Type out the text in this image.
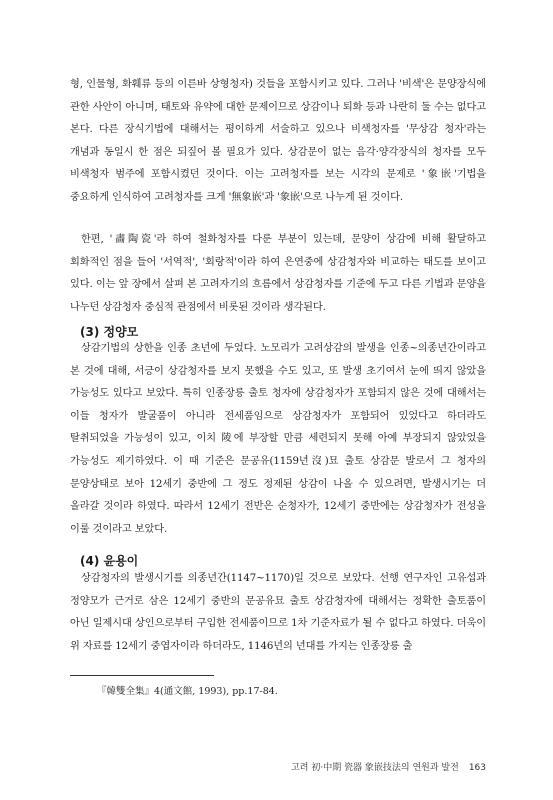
형, 인물형, 화훼류 등의 이른바 상형청자) 것들을 포함시키고 있다. 그러나 '비색'은 문양장식에 관한 사안이 아니며, 태토와 유약에 대한 문제이므로 상감이나 퇴화 등과 나란히 둘 수는 없다고 본다. 다른 장식기법에 대해서는 평이하게 서술하고 있으나 비색청자를 '무상감 청자'라는 개념과 동일시 한 점은 되짚어 볼 필요가 있다. 상감문이 없는 음각·양각장식의 청자를 모두 비색청자 범주에 포함시켰던 것이다. 이는 고려청자를 보는 시각의 문제로 '象嵌'기법을 중요하게 인식하여 고려청자를 크게 '無象嵌'과 '象嵌'으로 나누게 된 것이다.

한편, '畵陶瓷'라 하여 철화청자를 다룬 부분이 있는데, 문양이 상감에 비해 활달하고 회화적인 점을 들어 '서역적', '회랑적'이라 하여 은연중에 상감청자와 비교하는 태도를 보이고 있다. 이는 앞 장에서 살펴 본 고려자기의 흐름에서 상감청자를 기준에 두고 다른 기법과 문양을 나누던 상감청자 중심적 관점에서 비롯된 것이라 생각된다.

(3) 정양모

상감기법의 상한을 인종 초년에 두었다. 노모리가 고려상감의 발생을 인종~의종년간이라고 본 것에 대해, 서긍이 상감청자를 보지 못했을 수도 있고, 또 발생 초기여서 눈에 띄지 않았을 가능성도 있다고 보았다. 특히 인종장릉 출토 청자에 상감청자가 포함되지 않은 것에 대해서는 이들 청자가 발굴품이 아니라 전세품임으로 상감청자가 포함되어 있었다고 하더라도 탈취되었을 가능성이 있고, 이치 陵에 부장할 만큼 세련되지 못해 아예 부장되지 않았었을 가능성도 제기하였다. 이 때 기준은 문공유(1159년沒)묘 출토 상감문 발로서 그 청자의 문양상태로 보아 12세기 중반에 그 정도 정제된 상감이 나올 수 있으려면, 발생시기는 더 올라갈 것이라 하였다. 따라서 12세기 전반은 순청자가, 12세기 중반에는 상감청자가 전성을 이룰 것이라고 보았다.

(4) 윤용이

상감청자의 발생시기를 의종년간(1147~1170)일 것으로 보았다. 선행 연구자인 고유섭과 정양모가 근거로 삼은 12세기 중반의 문공유묘 출토 상감청자에 대해서는 정확한 출토품이 아닌 일제시대 상인으로부터 구입한 전세품이므로 1차 기준자료가 될 수 없다고 하였다. 더욱이 위 자료를 12세기 중엽자이라 하더라도, 1146년의 년대를 가지는 인종장릉 출

『韓雙全集』4(通文館, 1993), pp.17-84.

고려 初·中期 瓷器 象嵌技法의 연원과 발전 163
